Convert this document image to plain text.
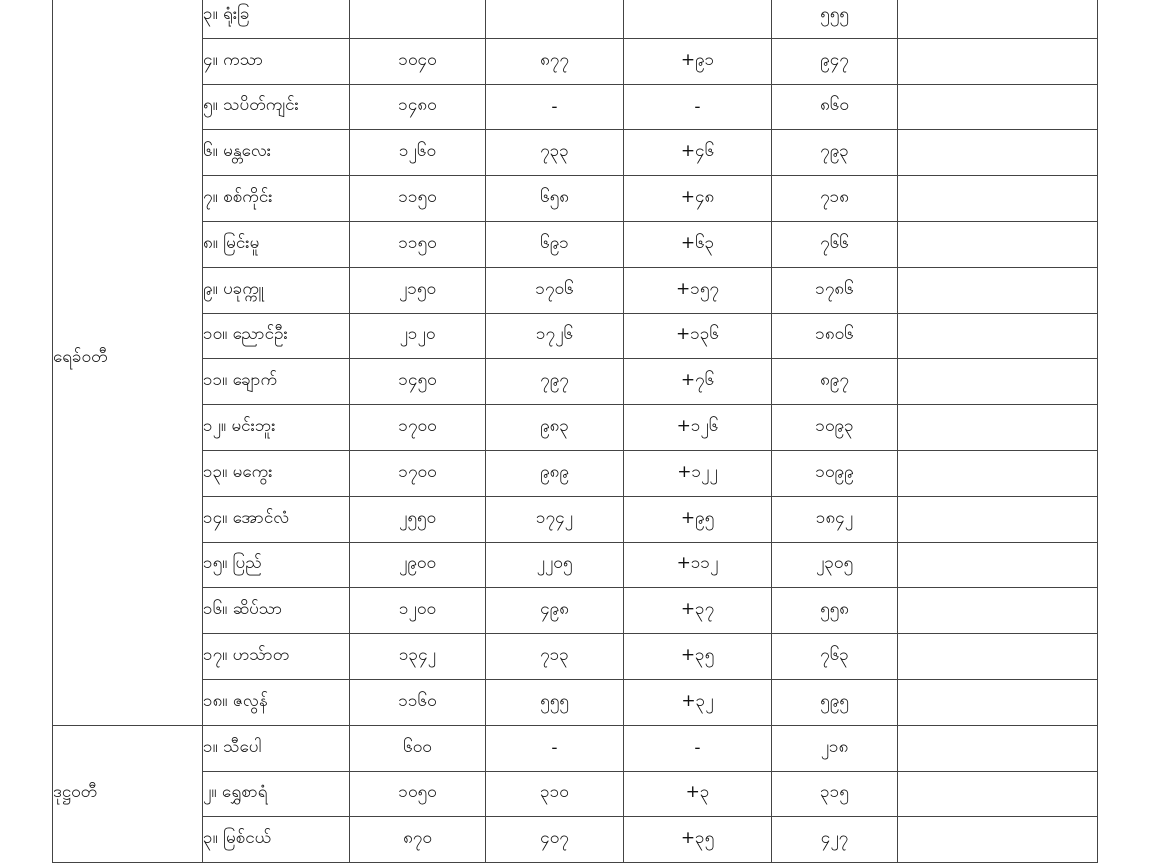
ရေခ်ဝတီ	၃။ ရုံးခြ				၅၅၅	
	၄။ ကသာ	၁၀၄၀	၈၇၇	+၉၁	၉၄၇	
	၅။ သပိတ်ကျင်း	၁၄၈၀	-	-	၈၆၀	
	၆။ မန္တလေး	၁၂၆၀	၇၃၃	+၄၆	၇၉၃	
	၇။ စစ်ကိုင်း	၁၁၅၀	၆၅၈	+၄၈	၇၁၈	
	၈။ မြင်းမူ	၁၁၅၀	၆၉၁	+၆၃	၇၆၆	
	၉။ ပခုက္ကူ	၂၁၅၀	၁၇၀၆	+၁၅၇	၁၇၈၆	
	၁၀။ ညောင်ဦး	၂၁၂၀	၁၇၂၆	+၁၃၆	၁၈၀၆	
	၁၁။ ချောက်	၁၄၅၀	၇၉၇	+၇၆	၈၉၇	
	၁၂။ မင်းဘူး	၁၇၀၀	၉၈၃	+၁၂၆	၁၀၉၃	
	၁၃။ မကွေး	၁၇၀၀	၉၈၉	+၁၂၂	၁၀၉၉	
	၁၄။ အောင်လံ	၂၅၅၀	၁၇၄၂	+၉၅	၁၈၄၂	
	၁၅။ ပြည်	၂၉၀၀	၂၂၀၅	+၁၁၂	၂၃၀၅	
	၁၆။ ဆိပ်သာ	၁၂၀၀	၄၉၈	+၃၇	၅၅၈	
	၁၇။ ဟသ်ာတ	၁၃၄၂	၇၁၃	+၃၅	၇၆၃	
	၁၈။ ဇလွန်	၁၁၆၀	၅၅၅	+၃၂	၅၉၅	
ဒုဋ္ဌဝတီ	၁။ သီပေါ	၆၀၀	-	-	၂၁၈	
	၂။ ရွှေစာရံ	၁၀၅၀	၃၁၀	+၃	၃၁၅	
	၃။ မြစ်ငယ်	၈၇၀	၄၀၇	+၃၅	၄၂၇	
